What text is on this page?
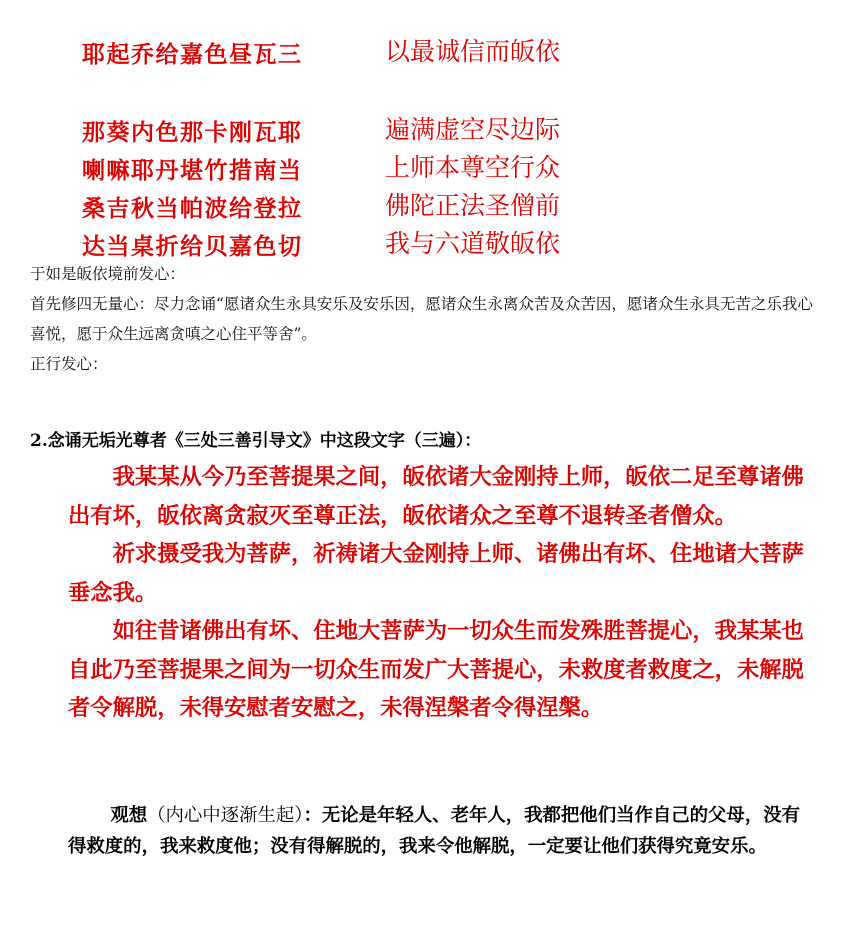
耶起乔给嘉色昼瓦三	以最诚信而皈依
那葵内色那卡刚瓦耶	遍满虚空尽边际
喇嘛耶丹堪竹措南当	上师本尊空行众
桑吉秋当帕波给登拉	佛陀正法圣僧前
达当桌折给贝嘉色切	我与六道敬皈依

于如是皈依境前发心：

首先修四无量心：尽力念诵“愿诸众生永具安乐及安乐因，愿诸众生永离众苦及众苦因，愿诸众生永具无苦之乐我心喜悦，愿于众生远离贪嗔之心住平等舍”。

正行发心：

2.念诵无垢光尊者《三处三善引导文》中这段文字（三遍）：

我某某从今乃至菩提果之间，皈依诸大金刚持上师，皈依二足至尊诸佛出有坏，皈依离贪寂灭至尊正法，皈依诸众之至尊不退转圣者僧众。

祈求摄受我为菩萨，祈祷诸大金刚持上师、诸佛出有坏、住地诸大菩萨垂念我。

如往昔诸佛出有坏、住地大菩萨为一切众生而发殊胜菩提心，我某某也自此乃至菩提果之间为一切众生而发广大菩提心，未救度者救度之，未解脱者令解脱，未得安慰者安慰之，未得涅槃者令得涅槃。

观想（内心中逐渐生起）：无论是年轻人、老年人，我都把他们当作自己的父母，没有得救度的，我来救度他；没有得解脱的，我来令他解脱，一定要让他们获得究竟安乐。
